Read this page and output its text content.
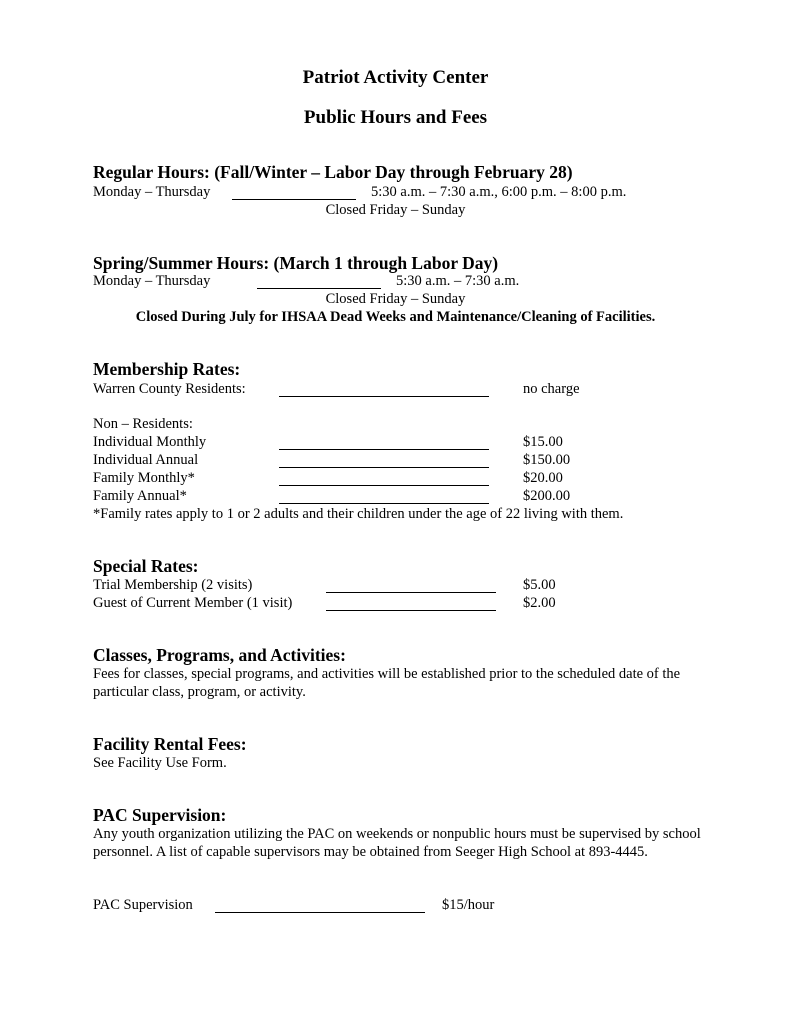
Patriot Activity Center
Public Hours and Fees
Regular Hours: (Fall/Winter – Labor Day through February 28)
Monday – Thursday	5:30 a.m. – 7:30 a.m., 6:00 p.m. – 8:00 p.m.
Closed Friday – Sunday
Spring/Summer Hours: (March 1 through Labor Day)
Monday – Thursday	5:30 a.m. – 7:30 a.m.
Closed Friday – Sunday
Closed During July for IHSAA Dead Weeks and Maintenance/Cleaning of Facilities.
Membership Rates:
Warren County Residents:	no charge
Non – Residents:
Individual Monthly	$15.00
Individual Annual	$150.00
Family Monthly*	$20.00
Family Annual*	$200.00
*Family rates apply to 1 or 2 adults and their children under the age of 22 living with them.
Special Rates:
Trial Membership (2 visits)	$5.00
Guest of Current Member (1 visit)	$2.00
Classes, Programs, and Activities:
Fees for classes, special programs, and activities will be established prior to the scheduled date of the particular class, program, or activity.
Facility Rental Fees:
See Facility Use Form.
PAC Supervision:
Any youth organization utilizing the PAC on weekends or nonpublic hours must be supervised by school personnel. A list of capable supervisors may be obtained from Seeger High School at 893-4445.
PAC Supervision	$15/hour
